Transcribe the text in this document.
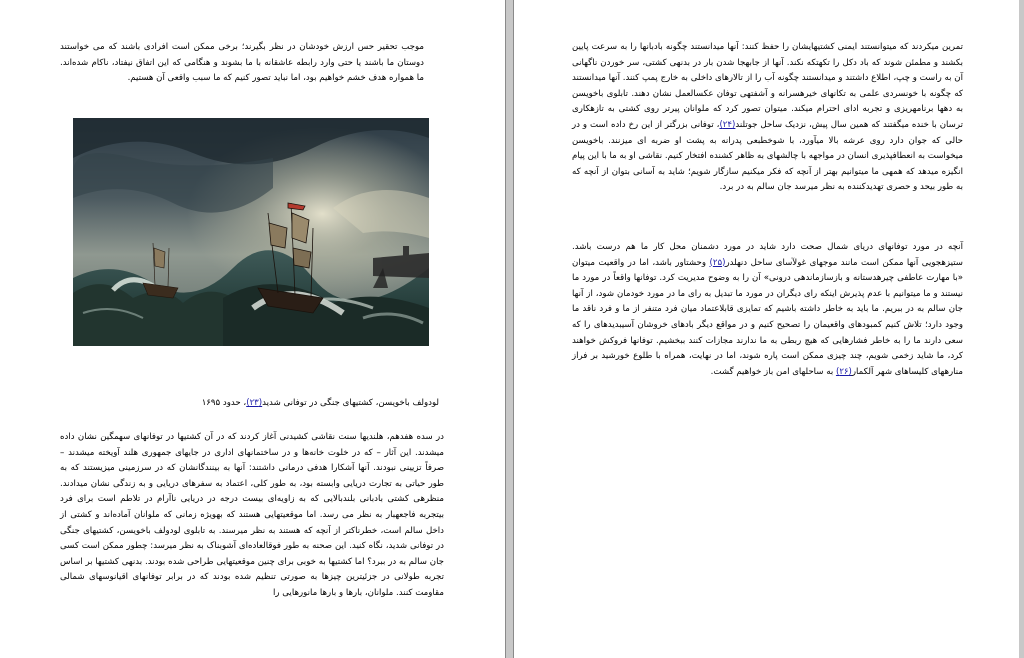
موجب تحقیر حس ارزش خودشان در نظر بگیرند؛ برخی ممکن است افرادی باشند که می خواستند دوستان ما باشند یا حتی وارد رابطه عاشقانه با ما بشوند و هنگامی که این اتفاق نیفتاد، ناکام شده‌اند. ما همواره هدف خشم خواهیم بود، اما نباید تصور کنیم که ما سبب واقعی آن هستیم.

لودولف باخویسن، کشتیهای جنگی در توفانی شدید(۲۳)، حدود ۱۶۹۵

در سده هفدهم، هلندیها سنت نقاشی کشیدنی آغاز کردند که در آن کشتیها در توفانهای سهمگین نشان داده میشدند. این آثار – که در خلوت خانه‌ها و در ساختمانهای اداری در جایهای جمهوری هلند آویخته میشدند – صرفاً تزیینی نبودند. آنها آشکارا هدفی درمانی داشتند: آنها به بینندگانشان که در سرزمینی میزیستند که به طور حیاتی به تجارت دریایی وابسته بود، به طور کلی، اعتماد به سفرهای دریایی و به زندگی نشان میدادند. منظرهی کشتی بادبانی بلندبالایی که به زاویه‌ای بیست درجه در دریایی ناآرام در تلاطم است برای فرد بیتجربه فاجعهبار به نظر می رسد. اما موقعیتهایی هستند که بهویژه زمانی که ملوانان آماده‌اند و کشتی از داخل سالم است، خطرناکتر از آنچه که هستند به نظر میرسند. به تابلوی لودولف باخویسن، کشتیهای جنگی در توفانی شدید، نگاه کنید. این صحنه به طور فوقالعاده‌ای آشوبناک به نظر میرسد: چطور ممکن است کسی جان سالم به در ببرد؟ اما کشتیها به خوبی برای چنین موقعیتهایی طراحی شده بودند. بدنهی کشتیها بر اساس تجربه طولانی در جزئیترین چیزها به صورتی تنظیم شده بودند که در برابر توفانهای اقیانوسهای شمالی مقاومت کنند. ملوانان، بارها و بارها مانورهایی را

تمرین میکردند که میتوانستند ایمنی کشتیهایشان را حفظ کنند: آنها میدانستند چگونه بادبانها را به سرعت پایین بکشند و مطمئن شوند که باد دکل را تکهتکه نکند. آنها از جابهجا شدن بار در بدنهی کشتی، سر خوردن ناگهانی آن به راست و چپ، اطلاع داشتند و میدانستند چگونه آب را از تالارهای داخلی به خارج پمپ کنند. آنها میدانستند که چگونه با خونسردی علمی به تکانهای خیرهسرانه و آشفتهی توفان عکسالعمل نشان دهند. تابلوی باخویسن به دهها برنامهریزی و تجربه ادای احترام میکند. میتوان تصور کرد که ملوانان پیرتر روی کشتی به تازهکاری ترسان با خنده میگفتند که همین سال پیش، نزدیک ساحل جوتلند(۲۴)، توفانی بزرگتر از این رخ داده است و در حالی که جوان دارد روی عرشه بالا میآورد، با شوخطبعی پدرانه به پشت او ضربه ای میزنند. باخویسن میخواست به انعطافپذیری انسان در مواجهه با چالشهای به ظاهر کشنده افتخار کنیم. نقاشی او به ما با این پیام انگیزه میدهد که همهی ما میتوانیم بهتر از آنچه که فکر میکنیم سازگار شویم؛ شاید به آسانی بتوان از آنچه که به طور بیحد و حصری تهدیدکننده به نظر میرسد جان سالم به در برد.

آنچه در مورد توفانهای دریای شمال صحت دارد شاید در مورد دشمنان محل کار ما هم درست باشد. ستیزهجویی آنها ممکن است مانند موجهای غولآسای ساحل دنهلدر(۲۵) وحشتاور باشد، اما در واقعیت میتوان «با مهارت عاطفی چیرهدستانه و بازسازماندهی درونی» آن را به وضوح مدیریت کرد. توفانها واقعاً در مورد ما نیستند و ما میتوانیم با عدم پذیرش اینکه رای دیگران در مورد ما تبدیل به رای ما در مورد خودمان شود، از آنها جان سالم به در ببریم. ما باید به خاطر داشته باشیم که تمایزی قابلاعتماد میان فرد متنفر از ما و فرد ناقد ما وجود دارد؛ تلاش کنیم کمبودهای واقعیمان را تصحیح کنیم و در مواقع دیگر بادهای خروشان آسیبدیدهای را که سعی دارند ما را به خاطر فشارهایی که هیچ ربطی به ما ندارند مجازات کنند ببخشیم. توفانها فروکش خواهند کرد، ما شاید زخمی شویم، چند چیزی ممکن است پاره شوند، اما در نهایت، همراه با طلوع خورشید بر فراز منارههای کلیساهای شهر آلکمار(۲۶) به ساحلهای امن باز خواهیم گشت.
